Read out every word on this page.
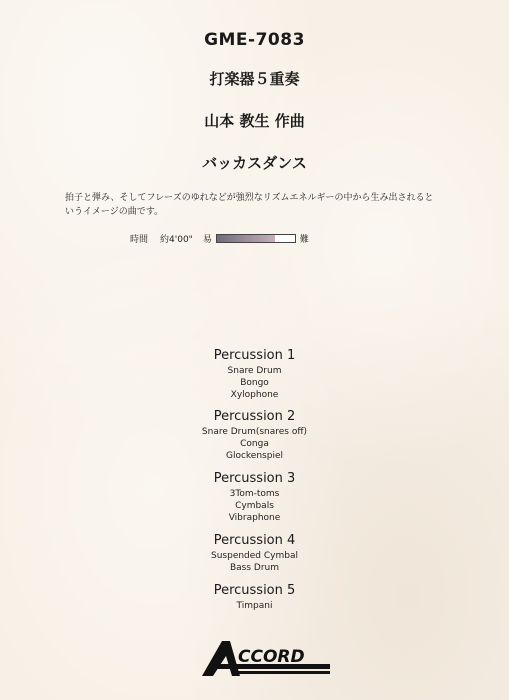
GME-7083
打楽器５重奏
山本 教生 作曲
バッカスダンス
拍子と弾み、そしてフレーズのゆれなどが強烈なリズムエネルギーの中から生み出されると
いうイメージの曲です。
時間 約4'00" 易	難
Percussion 1
Snare Drum
Bongo
Xylophone
Percussion 2
Snare Drum(snares off)
Conga
Glockenspiel
Percussion 3
3Tom-toms
Cymbals
Vibraphone
Percussion 4
Suspended Cymbal
Bass Drum
Percussion 5
Timpani
CCORD
